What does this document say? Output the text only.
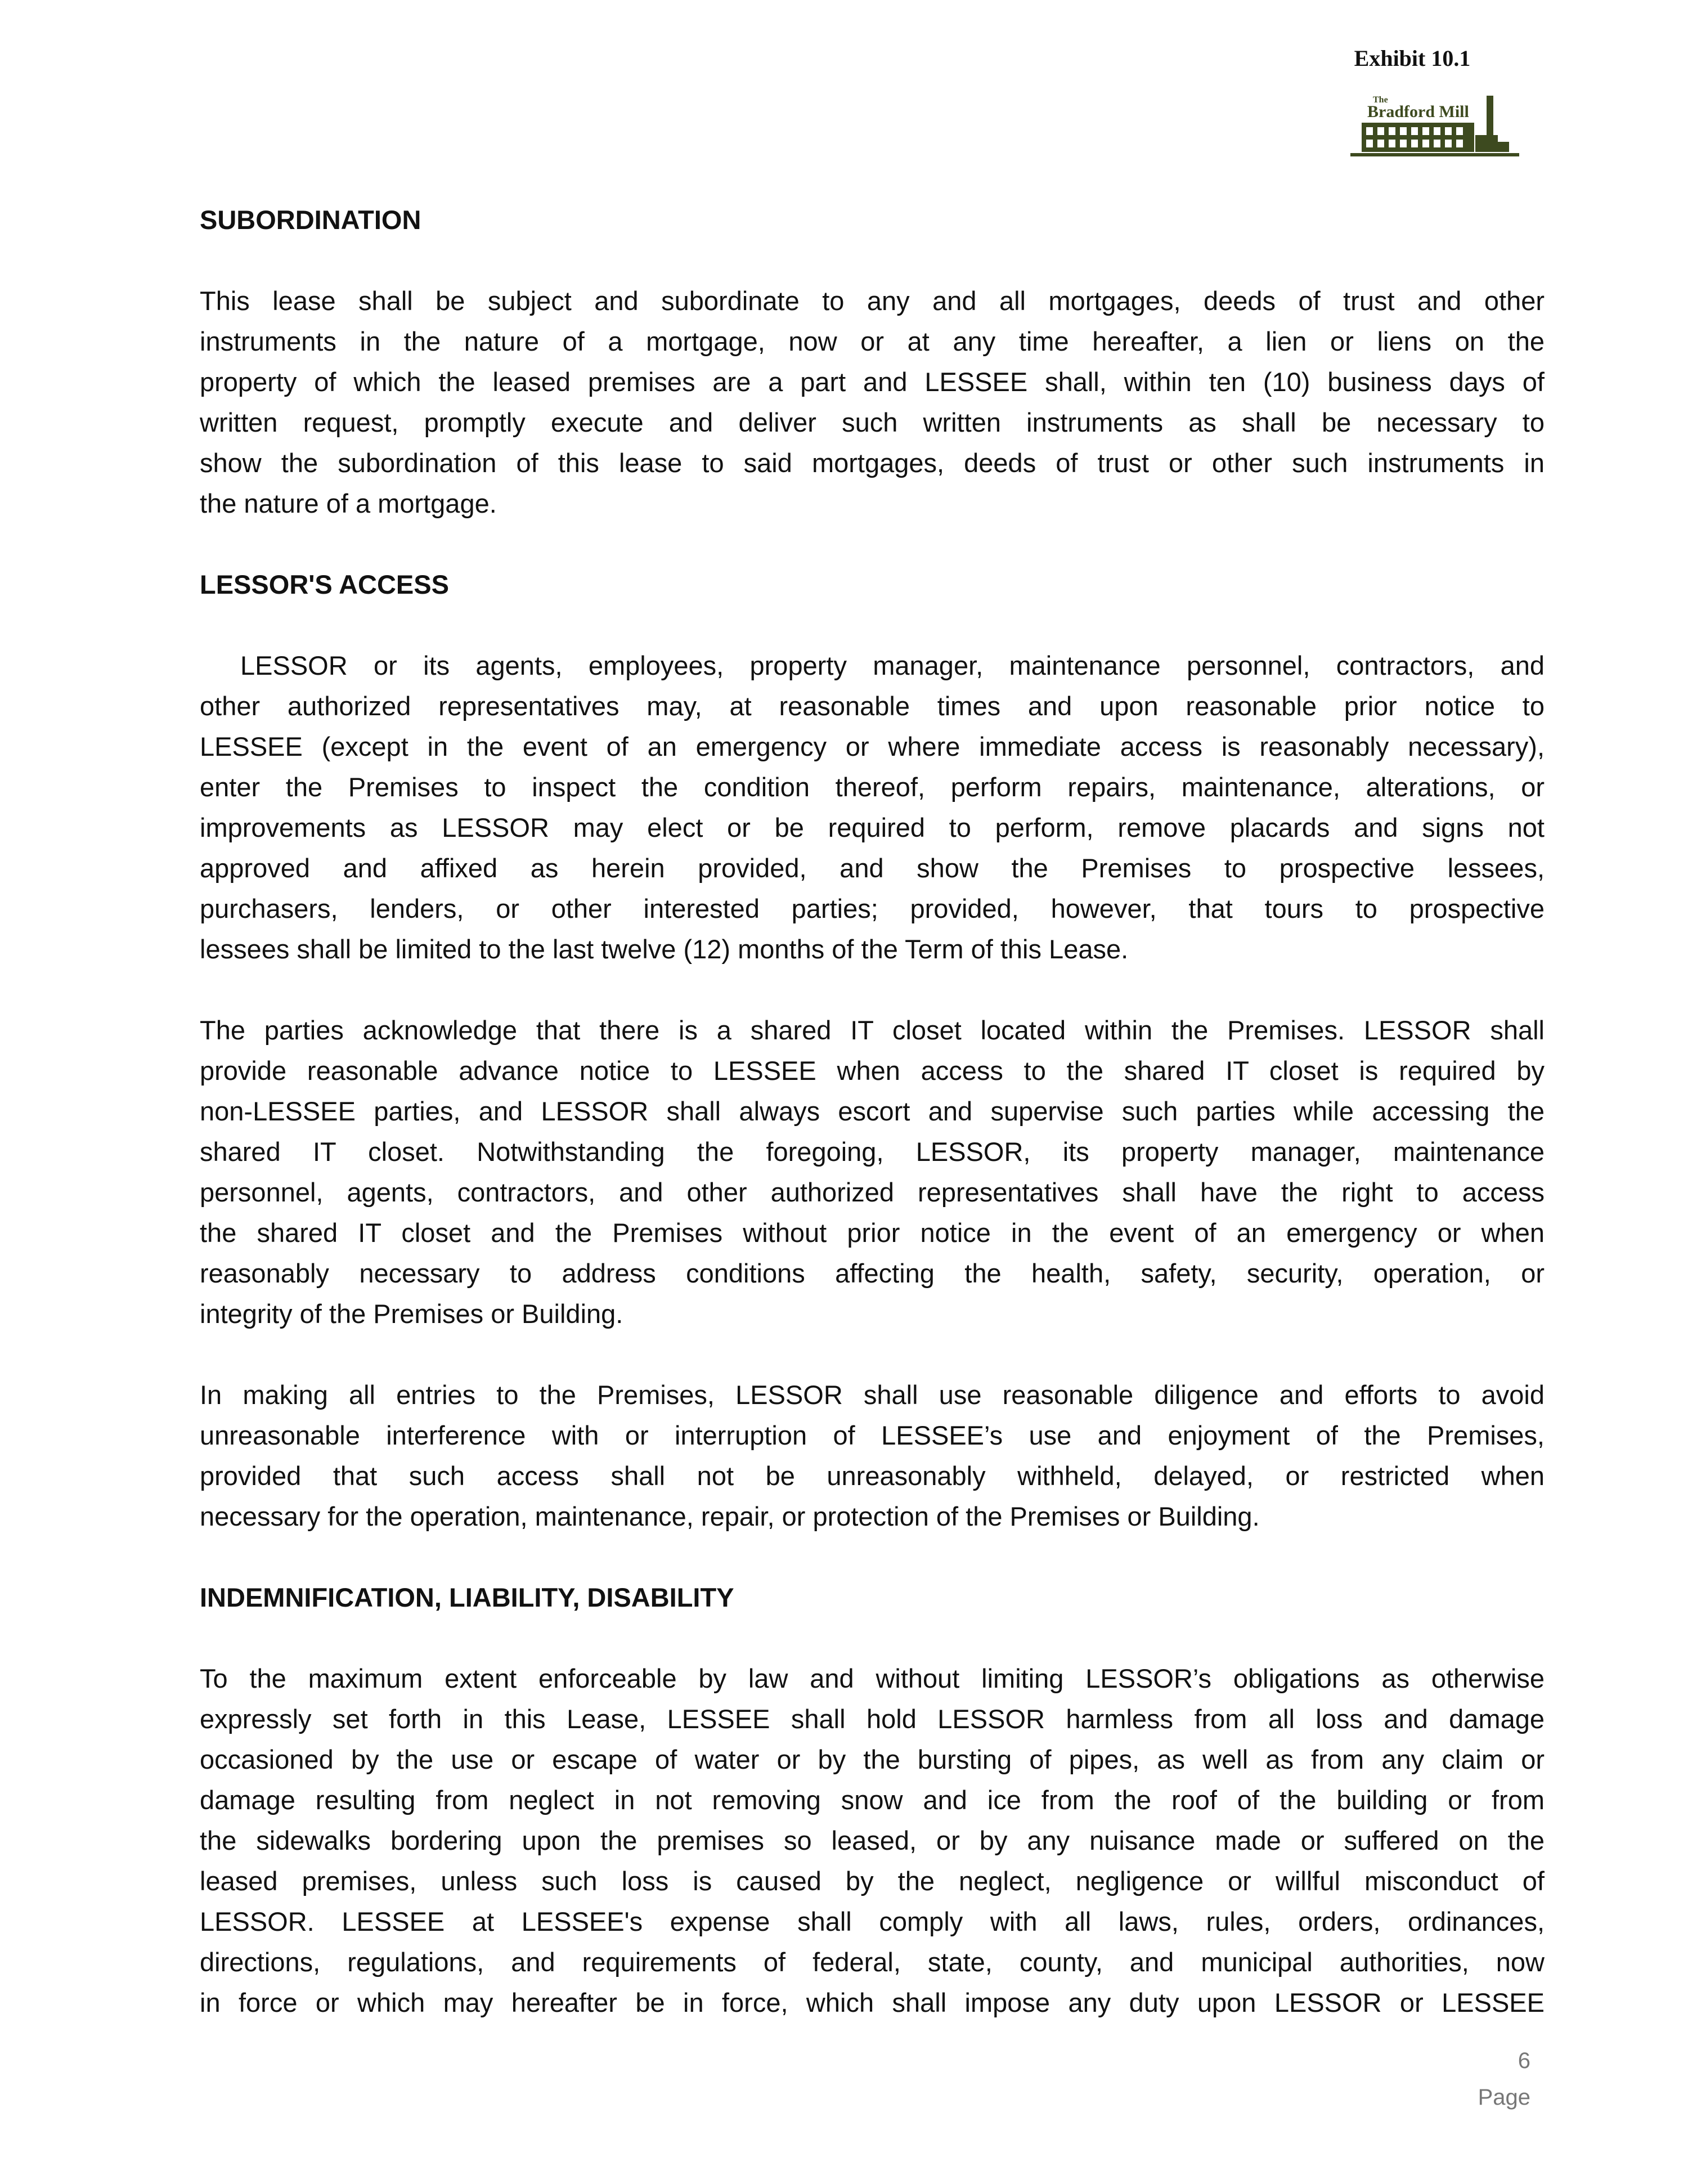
Exhibit 10.1
The
Bradford Mill
SUBORDINATION
This lease shall be subject and subordinate to any and all mortgages, deeds of trust and other
instruments in the nature of a mortgage, now or at any time hereafter, a lien or liens on the
property of which the leased premises are a part and LESSEE shall, within ten (10) business days of
written request, promptly execute and deliver such written instruments as shall be necessary to
show the subordination of this lease to said mortgages, deeds of trust or other such instruments in
the nature of a mortgage.
LESSOR'S ACCESS
LESSOR or its agents, employees, property manager, maintenance personnel, contractors, and
other authorized representatives may, at reasonable times and upon reasonable prior notice to
LESSEE (except in the event of an emergency or where immediate access is reasonably necessary),
enter the Premises to inspect the condition thereof, perform repairs, maintenance, alterations, or
improvements as LESSOR may elect or be required to perform, remove placards and signs not
approved and affixed as herein provided, and show the Premises to prospective lessees,
purchasers, lenders, or other interested parties; provided, however, that tours to prospective
lessees shall be limited to the last twelve (12) months of the Term of this Lease.
The parties acknowledge that there is a shared IT closet located within the Premises. LESSOR shall
provide reasonable advance notice to LESSEE when access to the shared IT closet is required by
non-LESSEE parties, and LESSOR shall always escort and supervise such parties while accessing the
shared IT closet. Notwithstanding the foregoing, LESSOR, its property manager, maintenance
personnel, agents, contractors, and other authorized representatives shall have the right to access
the shared IT closet and the Premises without prior notice in the event of an emergency or when
reasonably necessary to address conditions affecting the health, safety, security, operation, or
integrity of the Premises or Building.
In making all entries to the Premises, LESSOR shall use reasonable diligence and efforts to avoid
unreasonable interference with or interruption of LESSEE’s use and enjoyment of the Premises,
provided that such access shall not be unreasonably withheld, delayed, or restricted when
necessary for the operation, maintenance, repair, or protection of the Premises or Building.
INDEMNIFICATION, LIABILITY, DISABILITY
To the maximum extent enforceable by law and without limiting LESSOR’s obligations as otherwise
expressly set forth in this Lease, LESSEE shall hold LESSOR harmless from all loss and damage
occasioned by the use or escape of water or by the bursting of pipes, as well as from any claim or
damage resulting from neglect in not removing snow and ice from the roof of the building or from
the sidewalks bordering upon the premises so leased, or by any nuisance made or suffered on the
leased premises, unless such loss is caused by the neglect, negligence or willful misconduct of
LESSOR. LESSEE at LESSEE's expense shall comply with all laws, rules, orders, ordinances,
directions, regulations, and requirements of federal, state, county, and municipal authorities, now
in force or which may hereafter be in force, which shall impose any duty upon LESSOR or LESSEE
6
Page
